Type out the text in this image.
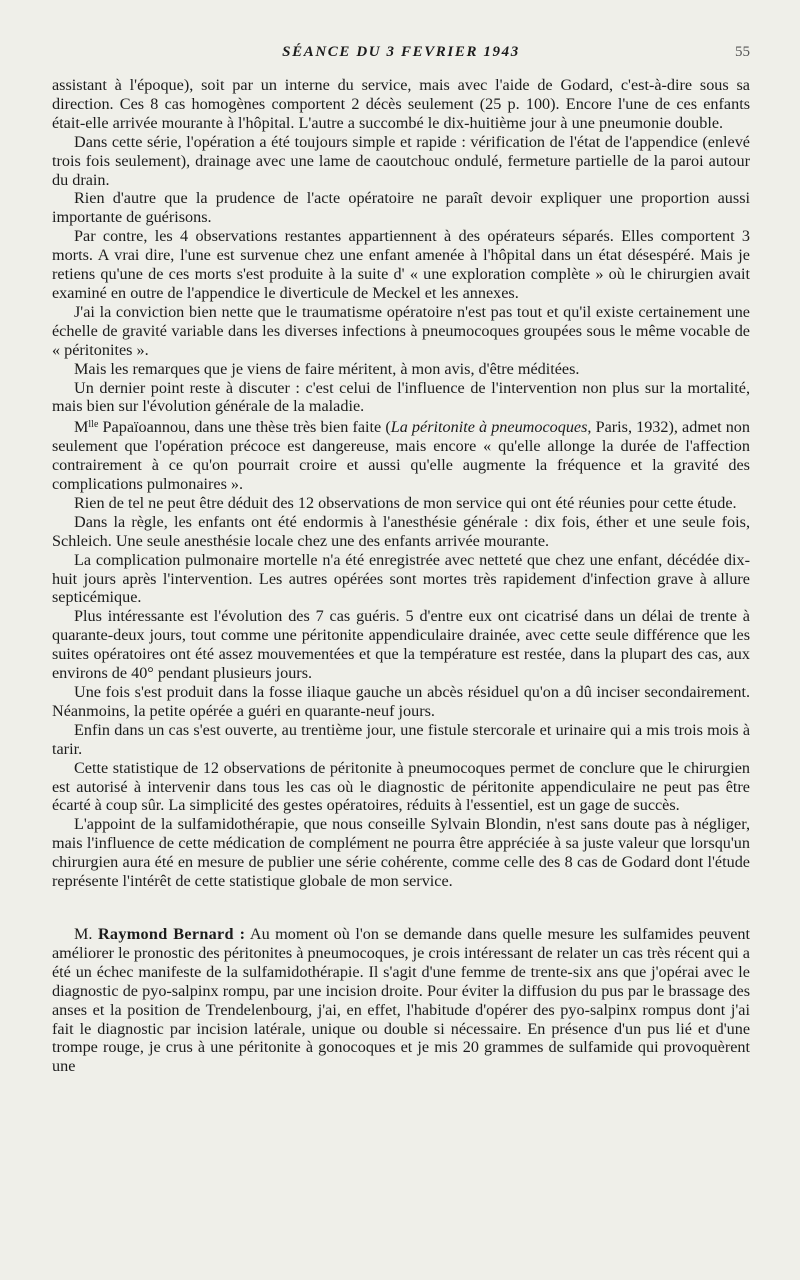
SÉANCE DU 3 FEVRIER 1943	55

assistant à l'époque), soit par un interne du service, mais avec l'aide de Godard, c'est-à-dire sous sa direction. Ces 8 cas homogènes comportent 2 décès seulement (25 p. 100). Encore l'une de ces enfants était-elle arrivée mourante à l'hôpital. L'autre a succombé le dix-huitième jour à une pneumonie double.

Dans cette série, l'opération a été toujours simple et rapide : vérification de l'état de l'appendice (enlevé trois fois seulement), drainage avec une lame de caoutchouc ondulé, fermeture partielle de la paroi autour du drain.

Rien d'autre que la prudence de l'acte opératoire ne paraît devoir expliquer une proportion aussi importante de guérisons.

Par contre, les 4 observations restantes appartiennent à des opérateurs séparés. Elles comportent 3 morts. A vrai dire, l'une est survenue chez une enfant amenée à l'hôpital dans un état désespéré. Mais je retiens qu'une de ces morts s'est produite à la suite d' « une exploration complète » où le chirurgien avait examiné en outre de l'appendice le diverticule de Meckel et les annexes.

J'ai la conviction bien nette que le traumatisme opératoire n'est pas tout et qu'il existe certainement une échelle de gravité variable dans les diverses infections à pneumocoques groupées sous le même vocable de « péritonites ».

Mais les remarques que je viens de faire méritent, à mon avis, d'être méditées.

Un dernier point reste à discuter : c'est celui de l'influence de l'intervention non plus sur la mortalité, mais bien sur l'évolution générale de la maladie.

$M^{lle}$ Papaïoannou, dans une thèse très bien faite (La péritonite à pneumocoques, Paris, 1932), admet non seulement que l'opération précoce est dangereuse, mais encore « qu'elle allonge la durée de l'affection contrairement à ce qu'on pourrait croire et aussi qu'elle augmente la fréquence et la gravité des complications pulmonaires ».

Rien de tel ne peut être déduit des 12 observations de mon service qui ont été réunies pour cette étude.

Dans la règle, les enfants ont été endormis à l'anesthésie générale : dix fois, éther et une seule fois, Schleich. Une seule anesthésie locale chez une des enfants arrivée mourante.

La complication pulmonaire mortelle n'a été enregistrée avec netteté que chez une enfant, décédée dix-huit jours après l'intervention. Les autres opérées sont mortes très rapidement d'infection grave à allure septicémique.

Plus intéressante est l'évolution des 7 cas guéris. 5 d'entre eux ont cicatrisé dans un délai de trente à quarante-deux jours, tout comme une péritonite appendiculaire drainée, avec cette seule différence que les suites opératoires ont été assez mouvementées et que la température est restée, dans la plupart des cas, aux environs de 40° pendant plusieurs jours.

Une fois s'est produit dans la fosse iliaque gauche un abcès résiduel qu'on a dû inciser secondairement. Néanmoins, la petite opérée a guéri en quarante-neuf jours.

Enfin dans un cas s'est ouverte, au trentième jour, une fistule stercorale et urinaire qui a mis trois mois à tarir.

Cette statistique de 12 observations de péritonite à pneumocoques permet de conclure que le chirurgien est autorisé à intervenir dans tous les cas où le diagnostic de péritonite appendiculaire ne peut pas être écarté à coup sûr. La simplicité des gestes opératoires, réduits à l'essentiel, est un gage de succès.

L'appoint de la sulfamidothérapie, que nous conseille Sylvain Blondin, n'est sans doute pas à négliger, mais l'influence de cette médication de complément ne pourra être appréciée à sa juste valeur que lorsqu'un chirurgien aura été en mesure de publier une série cohérente, comme celle des 8 cas de Godard dont l'étude représente l'intérêt de cette statistique globale de mon service.

M. Raymond Bernard : Au moment où l'on se demande dans quelle mesure les sulfamides peuvent améliorer le pronostic des péritonites à pneumocoques, je crois intéressant de relater un cas très récent qui a été un échec manifeste de la sulfamidothérapie. Il s'agit d'une femme de trente-six ans que j'opérai avec le diagnostic de pyo-salpinx rompu, par une incision droite. Pour éviter la diffusion du pus par le brassage des anses et la position de Trendelenbourg, j'ai, en effet, l'habitude d'opérer des pyo-salpinx rompus dont j'ai fait le diagnostic par incision latérale, unique ou double si nécessaire. En présence d'un pus lié et d'une trompe rouge, je crus à une péritonite à gonocoques et je mis 20 grammes de sulfamide qui provoquèrent une
